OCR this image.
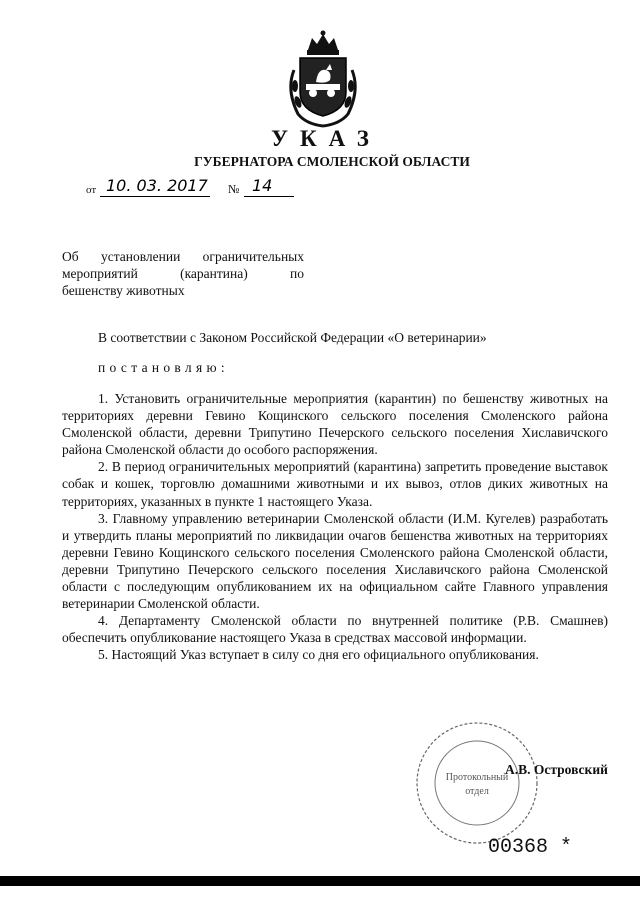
УКАЗ
ГУБЕРНАТОРА СМОЛЕНСКОЙ ОБЛАСТИ
от 10. 03. 2017 № 14
Об установлении ограничительных
мероприятий (карантина) по
бешенству животных
В соответствии с Законом Российской Федерации «О ветеринарии»
постановляю:

1. Установить ограничительные мероприятия (карантин) по бешенству животных на территориях деревни Гевино Кощинского сельского поселения Смоленского района Смоленской области, деревни Трипутино Печерского сельского поселения Хиславичского района Смоленской области до особого распоряжения.

2. В период ограничительных мероприятий (карантина) запретить проведение выставок собак и кошек, торговлю домашними животными и их вывоз, отлов диких животных на территориях, указанных в пункте 1 настоящего Указа.

3. Главному управлению ветеринарии Смоленской области (И.М. Кугелев) разработать и утвердить планы мероприятий по ликвидации очагов бешенства животных на территориях деревни Гевино Кощинского сельского поселения Смоленского района Смоленской области, деревни Трипутино Печерского сельского поселения Хиславичского района Смоленской области с последующим опубликованием их на официальном сайте Главного управления ветеринарии Смоленской области.

4. Департаменту Смоленской области по внутренней политике (Р.В. Смашнев) обеспечить опубликование настоящего Указа в средствах массовой информации.

5. Настоящий Указ вступает в силу со дня его официального опубликования.

Протокольный
отдел
А.В. Островский
00368 *
